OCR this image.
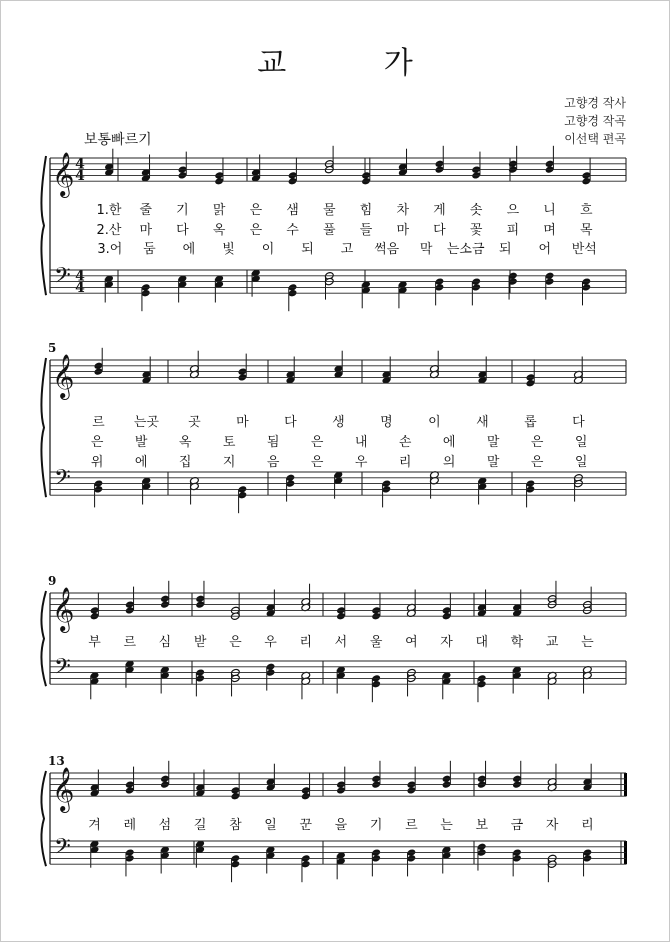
교 가
고향경 작사
고향경 작곡
이선택 편곡
보통빠르기
𝄞
𝄢
4
4
4
4
1.한 줄 기 맑 은 샘 물 힘 차 게 솟 으 니 흐
2.산 마 다 옥 은 수 풀 들 마 다 꽃 피 며 목
3.어 둠 에 빛 이 되 고 썩음 막 는소금 되 어 반석
𝄞
𝄢
5
르 는곳 곳	마	다	생	명	이	새	롭	다
은 발 옥 토 됨 은 내 손 에 말 은 일
위 에 집 지 음 은 우 리 의 말 은 일
𝄞
𝄢
9
부 르 심 받 은 우 리 서 울 여 자 대 학 교 는
𝄞
𝄢
13
겨 레 섬 길 참 일 꾼 을 기 르 는 보 금 자 리
